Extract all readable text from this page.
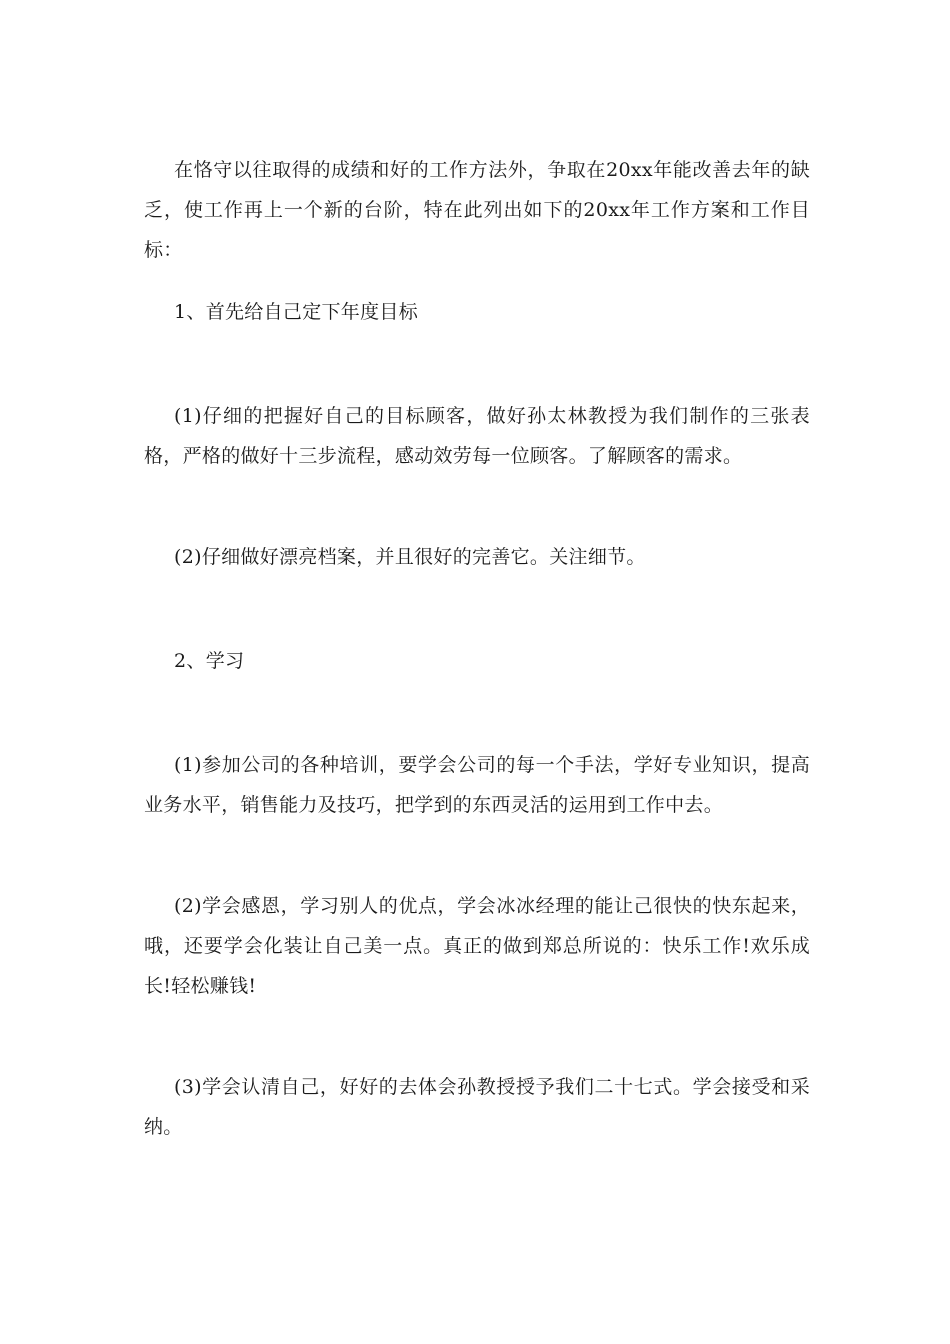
在恪守以往取得的成绩和好的工作方法外，争取在20xx年能改善去年的缺乏，使工作再上一个新的台阶，特在此列出如下的20xx年工作方案和工作目标：

1、首先给自己定下年度目标

(1)仔细的把握好自己的目标顾客，做好孙太林教授为我们制作的三张表格，严格的做好十三步流程，感动效劳每一位顾客。了解顾客的需求。

(2)仔细做好漂亮档案，并且很好的完善它。关注细节。

2、学习

(1)参加公司的各种培训，要学会公司的每一个手法，学好专业知识，提高业务水平，销售能力及技巧，把学到的东西灵活的运用到工作中去。

(2)学会感恩，学习别人的优点，学会冰冰经理的能让己很快的快东起来，哦，还要学会化装让自己美一点。真正的做到郑总所说的：快乐工作!欢乐成长!轻松赚钱!

(3)学会认清自己，好好的去体会孙教授授予我们二十七式。学会接受和采纳。
